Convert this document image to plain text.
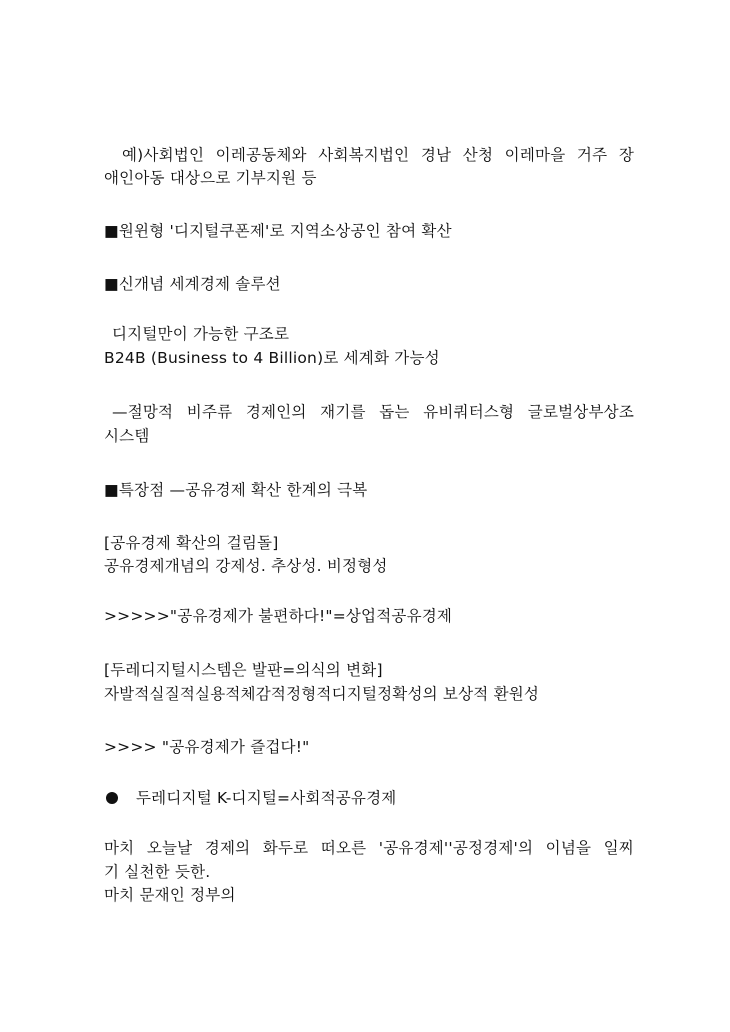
예)사회법인 이레공동체와 사회복지법인 경남 산청 이레마을 거주 장
애인아동 대상으로 기부지원 등
■원윈형 '디지털쿠폰제'로 지역소상공인 참여 확산
■신개념 세계경제 솔루션
디지털만이 가능한 구조로
B24B (Business to 4 Billion)로 세계화 가능성
—절망적 비주류 경제인의 재기를 돕는 유비쿼터스형 글로벌상부상조
시스템
■특장점 —공유경제 확산 한계의 극복
[공유경제 확산의 걸림돌]
공유경제개념의 강제성. 추상성. 비정형성
>>>>>"공유경제가 불편하다!"=상업적공유경제
[두레디지털시스템은 발판=의식의 변화]
자발적실질적실용적체감적정형적디지털정확성의 보상적 환원성
>>>> "공유경제가 즐겁다!"
두레디지털 K-디지털=사회적공유경제
마치 오늘날 경제의 화두로 떠오른 '공유경제''공정경제'의 이념을 일찌
기 실천한 듯한.
마치 문재인 정부의
